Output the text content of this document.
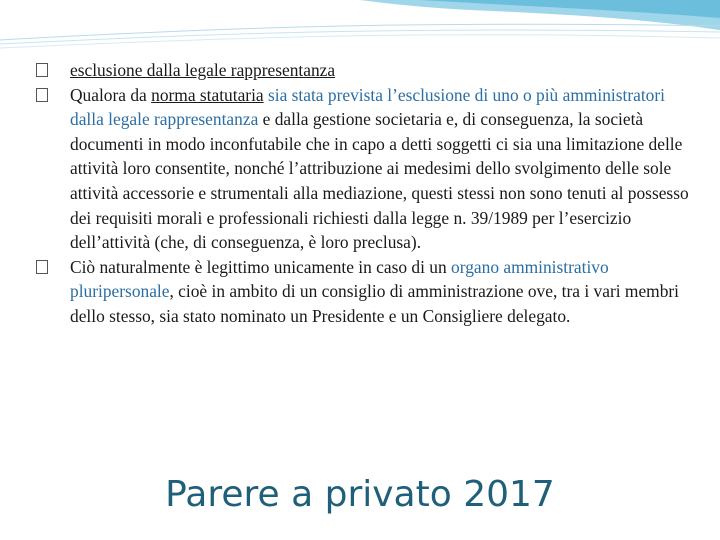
esclusione dalla legale rappresentanza

Qualora da norma statutaria sia stata prevista l’esclusione di uno o più amministratori dalla legale rappresentanza e dalla gestione societaria e, di conseguenza, la società documenti in modo inconfutabile che in capo a detti soggetti ci sia una limitazione delle attività loro consentite, nonché l’attribuzione ai medesimi dello svolgimento delle sole attività accessorie e strumentali alla mediazione, questi stessi non sono tenuti al possesso dei requisiti morali e professionali richiesti dalla legge n. 39/1989 per l’esercizio dell’attività (che, di conseguenza, è loro preclusa).

Ciò naturalmente è legittimo unicamente in caso di un organo amministrativo pluripersonale, cioè in ambito di un consiglio di amministrazione ove, tra i vari membri dello stesso, sia stato nominato un Presidente e un Consigliere delegato.

Parere a privato 2017
